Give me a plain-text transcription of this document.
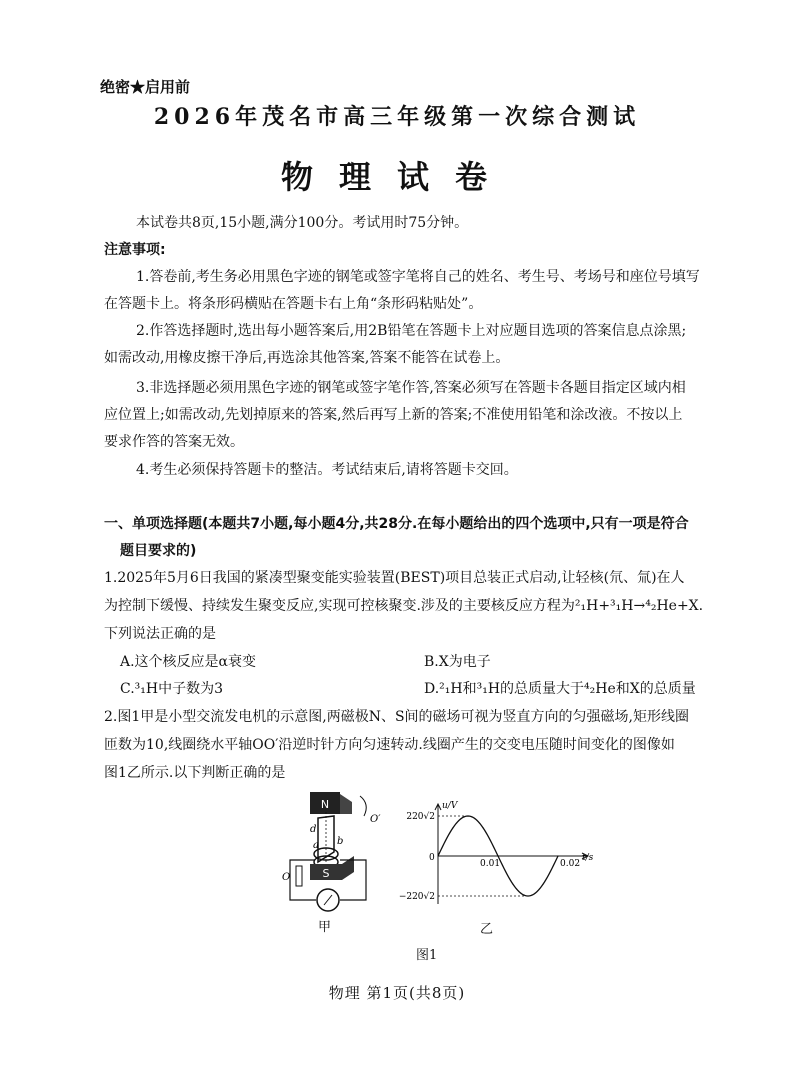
绝密★启用前
2026年茂名市高三年级第一次综合测试
物理试卷

本试卷共8页,15小题,满分100分。考试用时75分钟。

注意事项:

1.答卷前,考生务必用黑色字迹的钢笔或签字笔将自己的姓名、考生号、考场号和座位号填写

在答题卡上。将条形码横贴在答题卡右上角“条形码粘贴处”。

2.作答选择题时,选出每小题答案后,用2B铅笔在答题卡上对应题目选项的答案信息点涂黑;

如需改动,用橡皮擦干净后,再选涂其他答案,答案不能答在试卷上。

3.非选择题必须用黑色字迹的钢笔或签字笔作答,答案必须写在答题卡各题目指定区域内相

应位置上;如需改动,先划掉原来的答案,然后再写上新的答案;不准使用铅笔和涂改液。不按以上

要求作答的答案无效。

4.考生必须保持答题卡的整洁。考试结束后,请将答题卡交回。

一、单项选择题(本题共7小题,每小题4分,共28分.在每小题给出的四个选项中,只有一项是符合

题目要求的)

1.2025年5月6日我国的紧凑型聚变能实验装置(BEST)项目总装正式启动,让轻核(氘、氚)在人

为控制下缓慢、持续发生聚变反应,实现可控核聚变.涉及的主要核反应方程为²₁H+³₁H→⁴₂He+X.

下列说法正确的是

A.这个核反应是α衰变	B.X为电子

C.³₁H中子数为3	D.²₁H和³₁H的总质量大于⁴₂He和X的总质量

2.图1甲是小型交流发电机的示意图,两磁极N、S间的磁场可视为竖直方向的匀强磁场,矩形线圈

匝数为10,线圈绕水平轴OO′沿逆时针方向匀速转动.线圈产生的交变电压随时间变化的图像如

图1乙所示.以下判断正确的是

N
O′
d
a b
S
O
甲
u/V
t/s
0
220√2
−220√2
0.01	0.02
乙
图1
物理 第1页(共8页)
